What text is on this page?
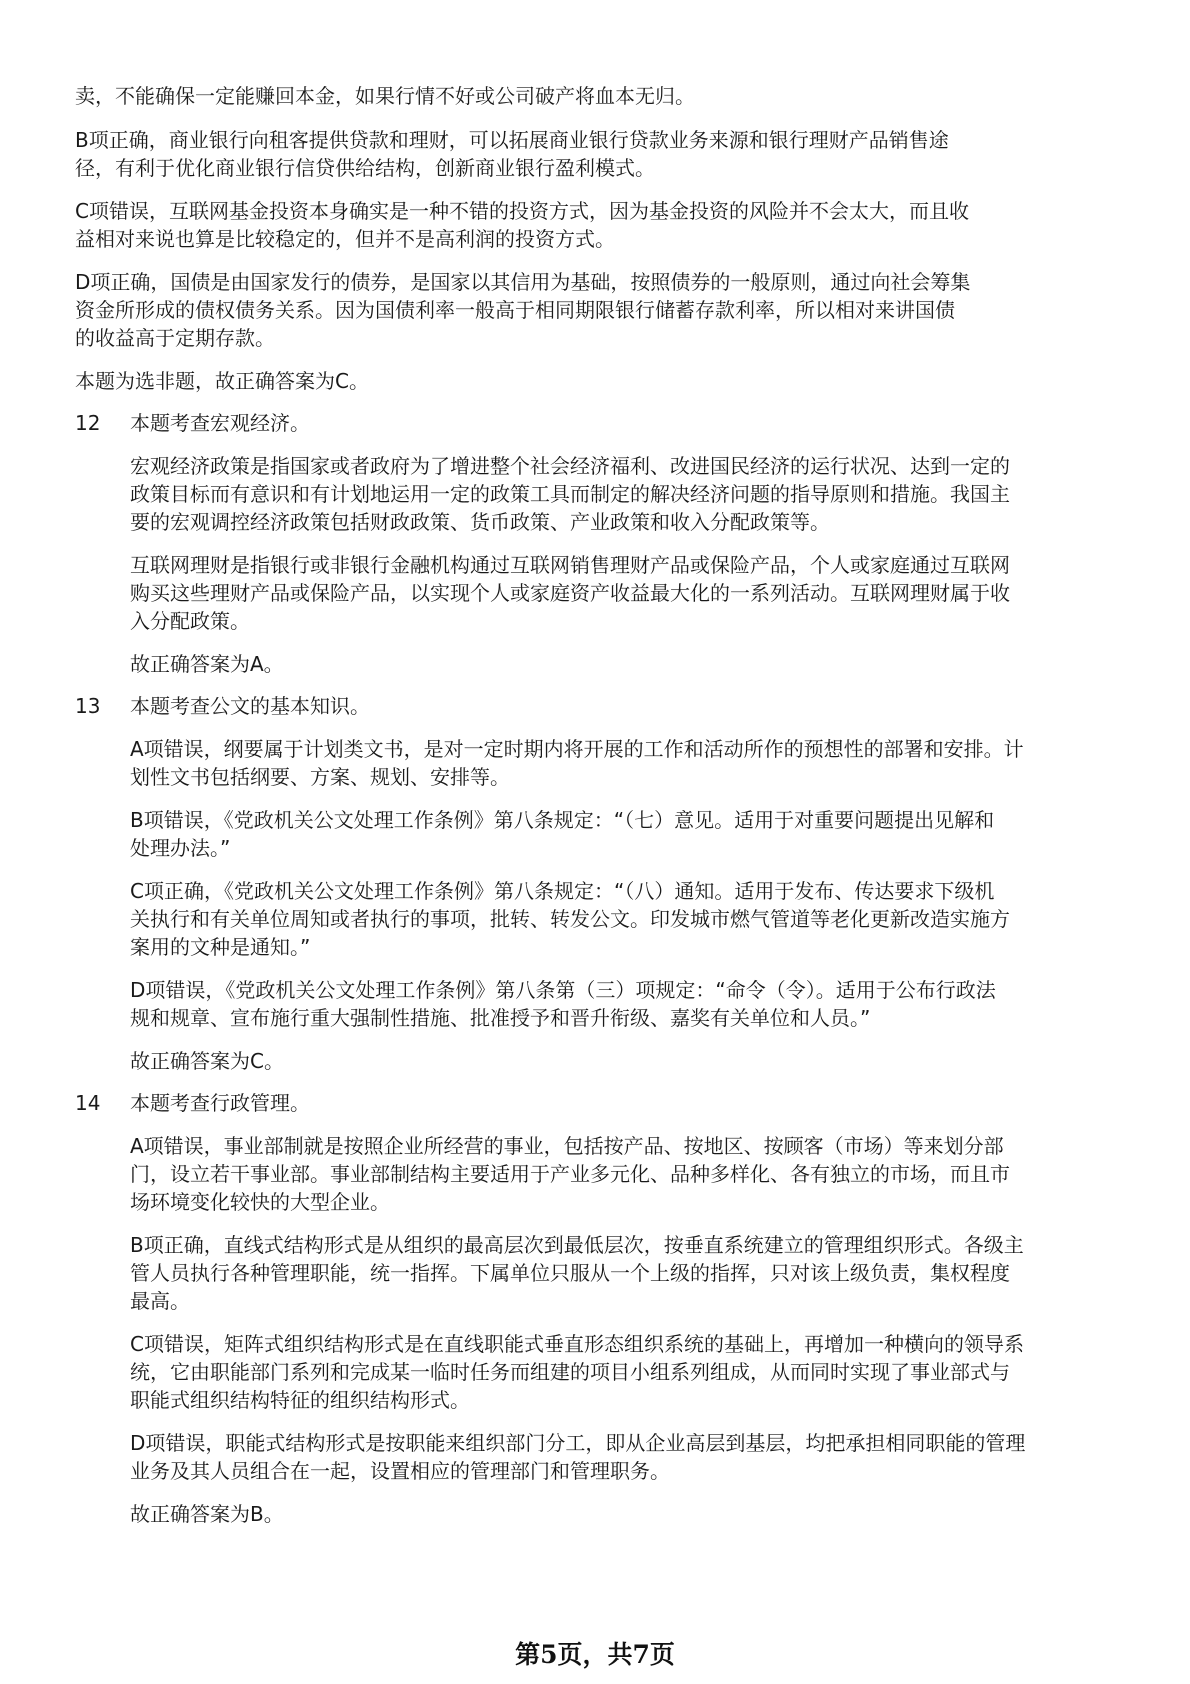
卖，不能确保一定能赚回本金，如果行情不好或公司破产将血本无归。
B项正确，商业银行向租客提供贷款和理财，可以拓展商业银行贷款业务来源和银行理财产品销售途
径，有利于优化商业银行信贷供给结构，创新商业银行盈利模式。
C项错误，互联网基金投资本身确实是一种不错的投资方式，因为基金投资的风险并不会太大，而且收
益相对来说也算是比较稳定的，但并不是高利润的投资方式。
D项正确，国债是由国家发行的债券，是国家以其信用为基础，按照债券的一般原则，通过向社会筹集
资金所形成的债权债务关系。因为国债利率一般高于相同期限银行储蓄存款利率，所以相对来讲国债
的收益高于定期存款。
本题为选非题，故正确答案为C。
12 本题考查宏观经济。
宏观经济政策是指国家或者政府为了增进整个社会经济福利、改进国民经济的运行状况、达到一定的
政策目标而有意识和有计划地运用一定的政策工具而制定的解决经济问题的指导原则和措施。我国主
要的宏观调控经济政策包括财政政策、货币政策、产业政策和收入分配政策等。
互联网理财是指银行或非银行金融机构通过互联网销售理财产品或保险产品，个人或家庭通过互联网
购买这些理财产品或保险产品，以实现个人或家庭资产收益最大化的一系列活动。互联网理财属于收
入分配政策。
故正确答案为A。
13 本题考查公文的基本知识。
A项错误，纲要属于计划类文书，是对一定时期内将开展的工作和活动所作的预想性的部署和安排。计
划性文书包括纲要、方案、规划、安排等。
B项错误，《党政机关公文处理工作条例》第八条规定：“（七）意见。适用于对重要问题提出见解和
处理办法。”
C项正确，《党政机关公文处理工作条例》第八条规定：“（八）通知。适用于发布、传达要求下级机
关执行和有关单位周知或者执行的事项，批转、转发公文。印发城市燃气管道等老化更新改造实施方
案用的文种是通知。”
D项错误，《党政机关公文处理工作条例》第八条第（三）项规定：“命令（令）。适用于公布行政法
规和规章、宣布施行重大强制性措施、批准授予和晋升衔级、嘉奖有关单位和人员。”
故正确答案为C。
14 本题考查行政管理。
A项错误，事业部制就是按照企业所经营的事业，包括按产品、按地区、按顾客（市场）等来划分部
门，设立若干事业部。事业部制结构主要适用于产业多元化、品种多样化、各有独立的市场，而且市
场环境变化较快的大型企业。
B项正确，直线式结构形式是从组织的最高层次到最低层次，按垂直系统建立的管理组织形式。各级主
管人员执行各种管理职能，统一指挥。下属单位只服从一个上级的指挥，只对该上级负责，集权程度
最高。
C项错误，矩阵式组织结构形式是在直线职能式垂直形态组织系统的基础上，再增加一种横向的领导系
统，它由职能部门系列和完成某一临时任务而组建的项目小组系列组成，从而同时实现了事业部式与
职能式组织结构特征的组织结构形式。
D项错误，职能式结构形式是按职能来组织部门分工，即从企业高层到基层，均把承担相同职能的管理
业务及其人员组合在一起，设置相应的管理部门和管理职务。
故正确答案为B。
第5页，共7页
